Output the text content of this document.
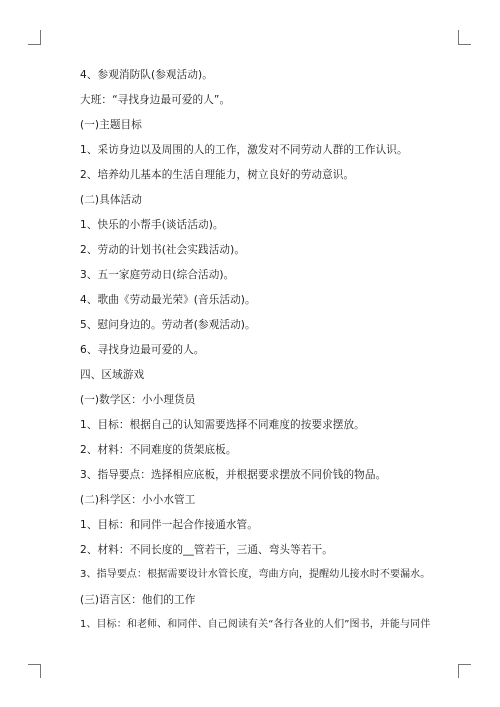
4、参观消防队(参观活动)。

大班：“寻找身边最可爱的人”。

(一)主题目标

1、采访身边以及周围的人的工作，激发对不同劳动人群的工作认识。

2、培养幼儿基本的生活自理能力，树立良好的劳动意识。

(二)具体活动

1、快乐的小帮手(谈话活动)。

2、劳动的计划书(社会实践活动)。

3、五一家庭劳动日(综合活动)。

4、歌曲《劳动最光荣》(音乐活动)。

5、慰问身边的。劳动者(参观活动)。

6、寻找身边最可爱的人。

四、区域游戏

(一)数学区：小小理货员

1、目标：根据自己的认知需要选择不同难度的按要求摆放。

2、材料：不同难度的货架底板。

3、指导要点：选择相应底板，并根据要求摆放不同价钱的物品。

(二)科学区：小小水管工

1、目标：和同伴一起合作接通水管。

2、材料：不同长度的__管若干，三通、弯头等若干。

3、指导要点：根据需要设计水管长度，弯曲方向，提醒幼儿接水时不要漏水。

(三)语言区：他们的工作

1、目标：和老师、和同伴、自己阅读有关“各行各业的人们”图书，并能与同伴
